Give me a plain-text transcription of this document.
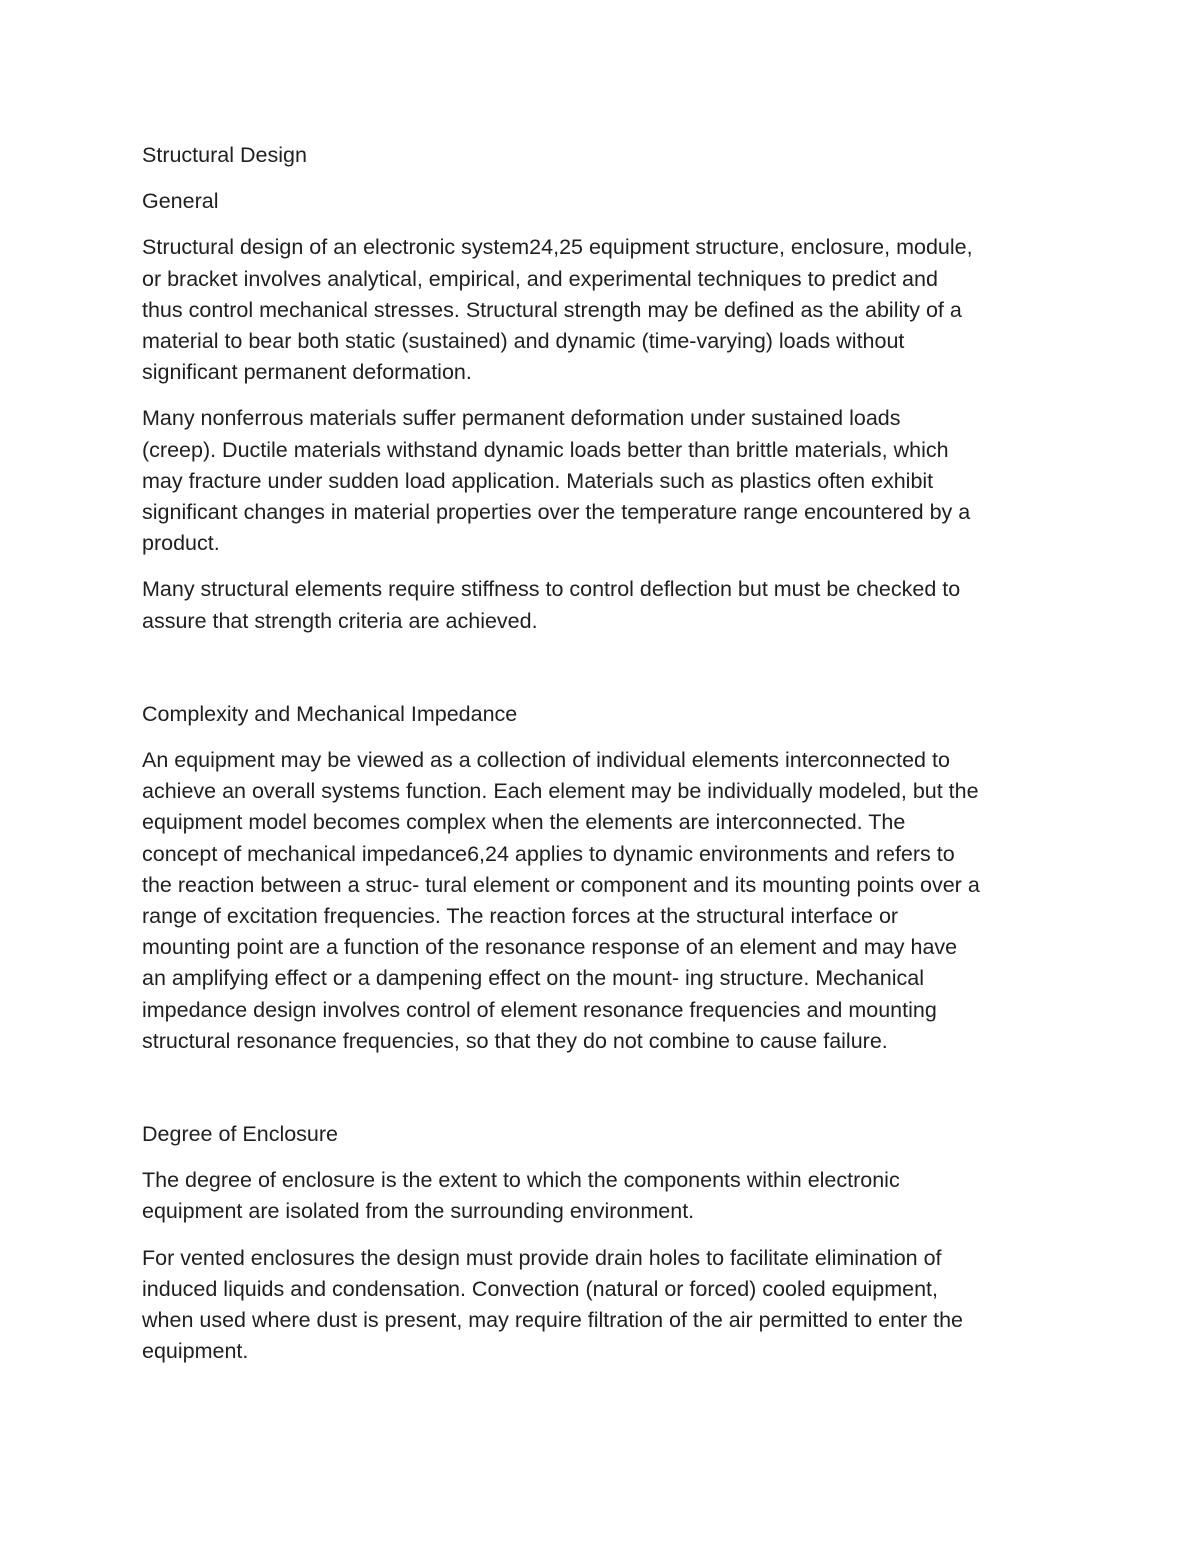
Structural Design
General
Structural design of an electronic system24,25 equipment structure, enclosure, module,
or bracket involves analytical, empirical, and experimental techniques to predict and
thus control mechanical stresses. Structural strength may be defined as the ability of a
material to bear both static (sustained) and dynamic (time-varying) loads without
significant permanent deformation.
Many nonferrous materials suffer permanent deformation under sustained loads
(creep). Ductile materials withstand dynamic loads better than brittle materials, which
may fracture under sudden load application. Materials such as plastics often exhibit
significant changes in material properties over the temperature range encountered by a
product.
Many structural elements require stiffness to control deflection but must be checked to
assure that strength criteria are achieved.
Complexity and Mechanical Impedance
An equipment may be viewed as a collection of individual elements interconnected to
achieve an overall systems function. Each element may be individually modeled, but the
equipment model becomes complex when the elements are interconnected. The
concept of mechanical impedance6,24 applies to dynamic environments and refers to
the reaction between a struc- tural element or component and its mounting points over a
range of excitation frequencies. The reaction forces at the structural interface or
mounting point are a function of the resonance response of an element and may have
an amplifying effect or a dampening effect on the mount- ing structure. Mechanical
impedance design involves control of element resonance frequencies and mounting
structural resonance frequencies, so that they do not combine to cause failure.
Degree of Enclosure
The degree of enclosure is the extent to which the components within electronic
equipment are isolated from the surrounding environment.
For vented enclosures the design must provide drain holes to facilitate elimination of
induced liquids and condensation. Convection (natural or forced) cooled equipment,
when used where dust is present, may require filtration of the air permitted to enter the
equipment.
